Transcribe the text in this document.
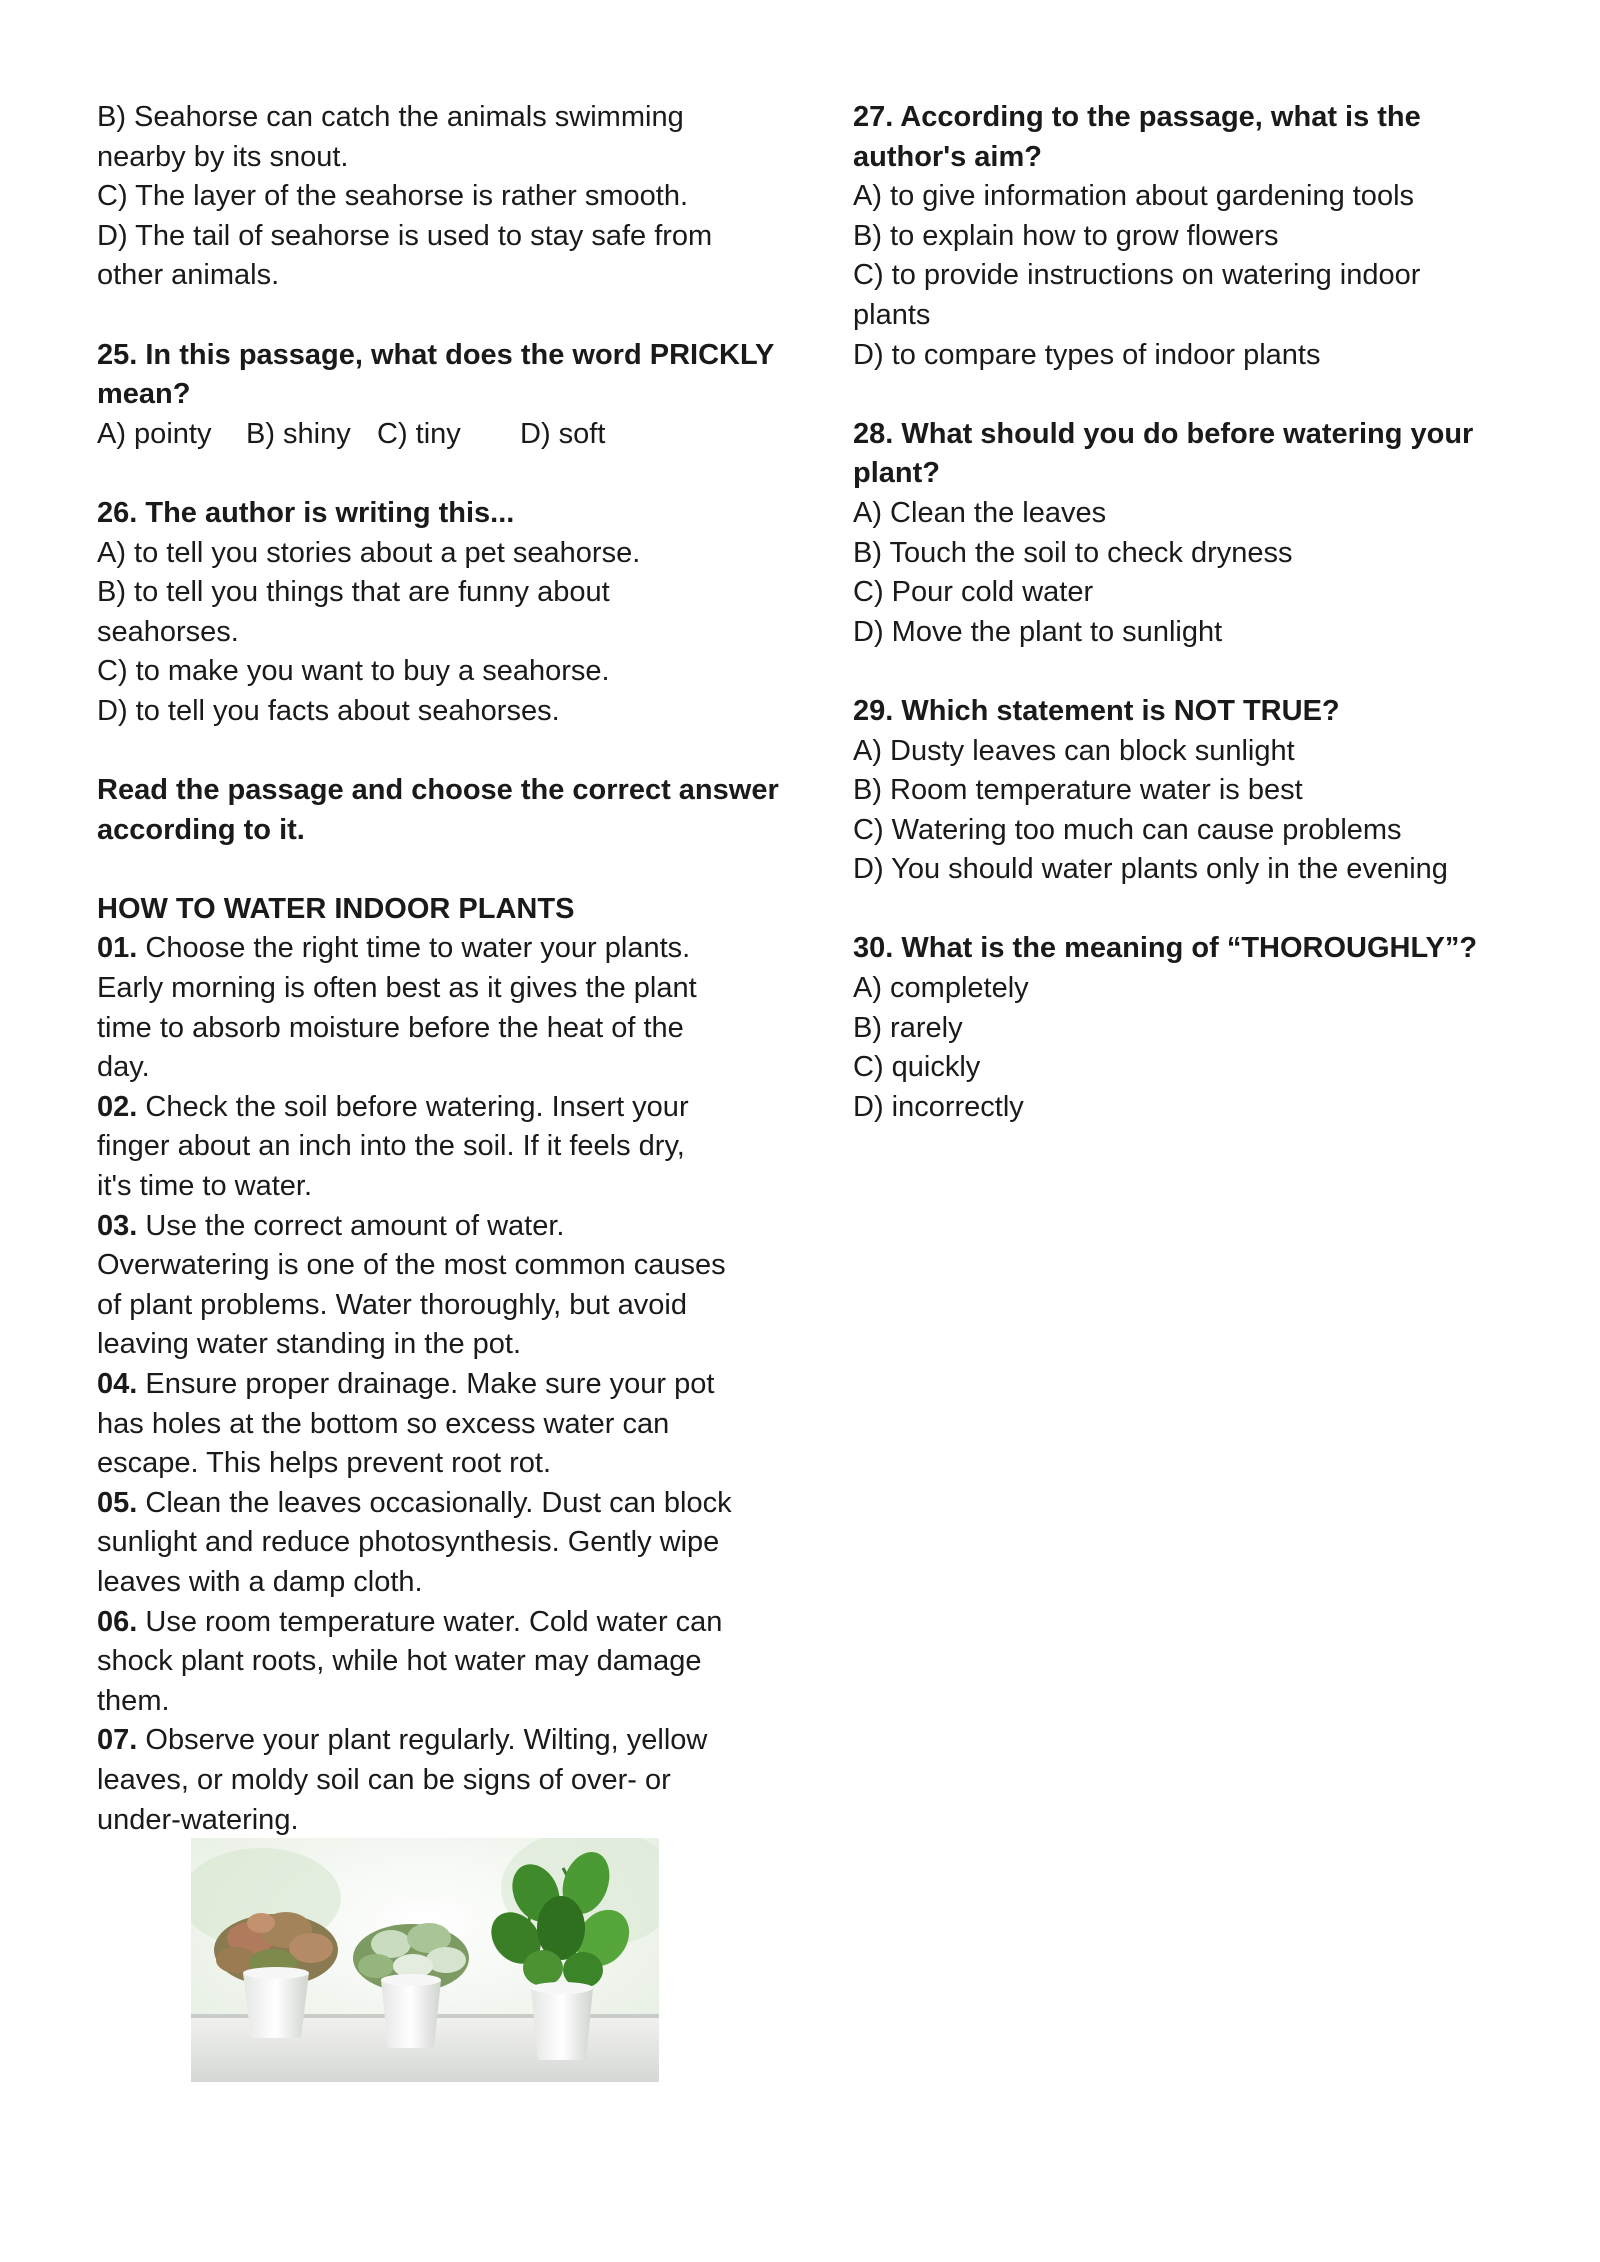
B) Seahorse can catch the animals swimming
nearby by its snout.
C) The layer of the seahorse is rather smooth.
D) The tail of seahorse is used to stay safe from
other animals.
25. In this passage, what does the word PRICKLY
mean?
A) pointy B) shiny C) tiny D) soft
26. The author is writing this...
A) to tell you stories about a pet seahorse.
B) to tell you things that are funny about
seahorses.
C) to make you want to buy a seahorse.
D) to tell you facts about seahorses.
Read the passage and choose the correct answer
according to it.
HOW TO WATER INDOOR PLANTS
01. Choose the right time to water your plants.
Early morning is often best as it gives the plant
time to absorb moisture before the heat of the
day.
02. Check the soil before watering. Insert your
finger about an inch into the soil. If it feels dry,
it's time to water.
03. Use the correct amount of water.
Overwatering is one of the most common causes
of plant problems. Water thoroughly, but avoid
leaving water standing in the pot.
04. Ensure proper drainage. Make sure your pot
has holes at the bottom so excess water can
escape. This helps prevent root rot.
05. Clean the leaves occasionally. Dust can block
sunlight and reduce photosynthesis. Gently wipe
leaves with a damp cloth.
06. Use room temperature water. Cold water can
shock plant roots, while hot water may damage
them.
07. Observe your plant regularly. Wilting, yellow
leaves, or moldy soil can be signs of over- or
under-watering.
27. According to the passage, what is the
author's aim?
A) to give information about gardening tools
B) to explain how to grow flowers
C) to provide instructions on watering indoor
plants
D) to compare types of indoor plants
28. What should you do before watering your
plant?
A) Clean the leaves
B) Touch the soil to check dryness
C) Pour cold water
D) Move the plant to sunlight
29. Which statement is NOT TRUE?
A) Dusty leaves can block sunlight
B) Room temperature water is best
C) Watering too much can cause problems
D) You should water plants only in the evening
30. What is the meaning of “THOROUGHLY”?
A) completely
B) rarely
C) quickly
D) incorrectly
